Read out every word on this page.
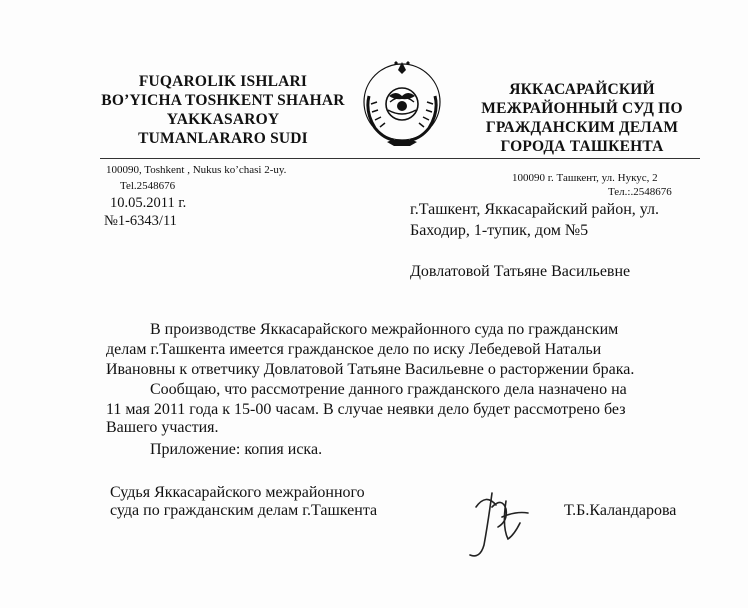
FUQAROLIK ISHLARI
BO’YICHA TOSHKENT SHAHAR
YAKKASAROY
TUMANLARARO SUDI
ЯККАСАРАЙСКИЙ
МЕЖРАЙОННЫЙ СУД ПО
ГРАЖДАНСКИМ ДЕЛАМ
ГОРОДА ТАШКЕНТА
100090, Toshkent , Nukus ko’chasi 2-uy.
Tel.2548676
100090 г. Ташкент, ул. Нукус, 2
Тел.:.2548676
10.05.2011 г.
№1-6343/11
г.Ташкент, Яккасарайский район, ул.
Баходир, 1-тупик, дом №5
Довлатовой Татьяне Васильевне
В производстве Яккасарайского межрайонного суда по гражданским
делам г.Ташкента имеется гражданское дело по иску Лебедевой Натальи
Ивановны к ответчику Довлатовой Татьяне Васильевне о расторжении брака.
Сообщаю, что рассмотрение данного гражданского дела назначено на
11 мая 2011 года к 15-00 часам. В случае неявки дело будет рассмотрено без
Вашего участия.
Приложение: копия иска.
Судья Яккасарайского межрайонного
суда по гражданским делам г.Ташкента	Т.Б.Каландарова
